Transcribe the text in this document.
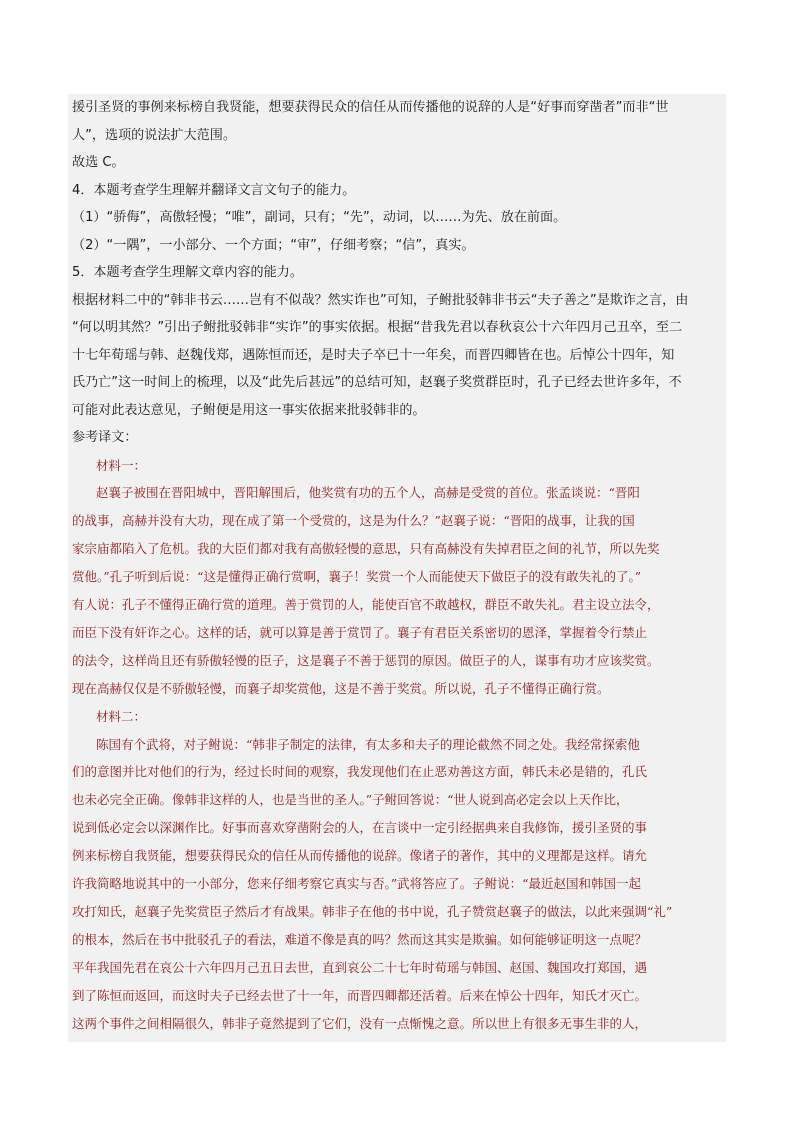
援引圣贤的事例来标榜自我贤能，想要获得民众的信任从而传播他的说辞的人是“好事而穿凿者”而非“世
人”，选项的说法扩大范围。
故选 C。
4．本题考查学生理解并翻译文言文句子的能力。
（1）“骄侮”，高傲轻慢；“唯”，副词，只有；“先”，动词，以……为先、放在前面。
（2）“一隅”，一小部分、一个方面；“审”，仔细考察；“信”，真实。
5．本题考查学生理解文章内容的能力。
根据材料二中的“韩非书云……岂有不似哉？然实诈也”可知，子鲋批驳韩非书云“夫子善之”是欺诈之言，由
“何以明其然？”引出子鲋批驳韩非“实诈”的事实依据。根据“昔我先君以春秋哀公十六年四月己丑卒，至二
十七年荀瑶与韩、赵魏伐郑，遇陈恒而还，是时夫子卒已十一年矣，而晋四卿皆在也。后悼公十四年，知
氏乃亡”这一时间上的梳理，以及“此先后甚远”的总结可知，赵襄子奖赏群臣时，孔子已经去世许多年，不
可能对此表达意见，子鲋便是用这一事实依据来批驳韩非的。
参考译文：
材料一：
赵襄子被围在晋阳城中，晋阳解围后，他奖赏有功的五个人，高赫是受赏的首位。张孟谈说：“晋阳
的战事，高赫并没有大功，现在成了第一个受赏的，这是为什么？”赵襄子说：“晋阳的战事，让我的国
家宗庙都陷入了危机。我的大臣们都对我有高傲轻慢的意思，只有高赫没有失掉君臣之间的礼节，所以先奖
赏他。”孔子听到后说：“这是懂得正确行赏啊，襄子！奖赏一个人而能使天下做臣子的没有敢失礼的了。”
有人说：孔子不懂得正确行赏的道理。善于赏罚的人，能使百官不敢越权，群臣不敢失礼。君主设立法令，
而臣下没有奸诈之心。这样的话，就可以算是善于赏罚了。襄子有君臣关系密切的恩泽，掌握着令行禁止
的法令，这样尚且还有骄傲轻慢的臣子，这是襄子不善于惩罚的原因。做臣子的人，谋事有功才应该奖赏。
现在高赫仅仅是不骄傲轻慢，而襄子却奖赏他，这是不善于奖赏。所以说，孔子不懂得正确行赏。
材料二：
陈国有个武将，对子鲋说：“韩非子制定的法律，有太多和夫子的理论截然不同之处。我经常探索他
们的意图并比对他们的行为，经过长时间的观察，我发现他们在止恶劝善这方面，韩氏未必是错的，孔氏
也未必完全正确。像韩非这样的人，也是当世的圣人。”子鲋回答说：“世人说到高必定会以上天作比，
说到低必定会以深渊作比。好事而喜欢穿凿附会的人，在言谈中一定引经据典来自我修饰，援引圣贤的事
例来标榜自我贤能，想要获得民众的信任从而传播他的说辞。像诸子的著作，其中的义理都是这样。请允
许我简略地说其中的一小部分，您来仔细考察它真实与否。”武将答应了。子鲋说：“最近赵国和韩国一起
攻打知氏，赵襄子先奖赏臣子然后才有战果。韩非子在他的书中说，孔子赞赏赵襄子的做法，以此来强调“礼”
的根本，然后在书中批驳孔子的看法，难道不像是真的吗？然而这其实是欺骗。如何能够证明这一点呢？
平年我国先君在哀公十六年四月己丑日去世，直到哀公二十七年时荀瑶与韩国、赵国、魏国攻打郑国，遇
到了陈恒而返回，而这时夫子已经去世了十一年，而晋四卿都还活着。后来在悼公十四年，知氏才灭亡。
这两个事件之间相隔很久，韩非子竟然提到了它们，没有一点惭愧之意。所以世上有很多无事生非的人，
